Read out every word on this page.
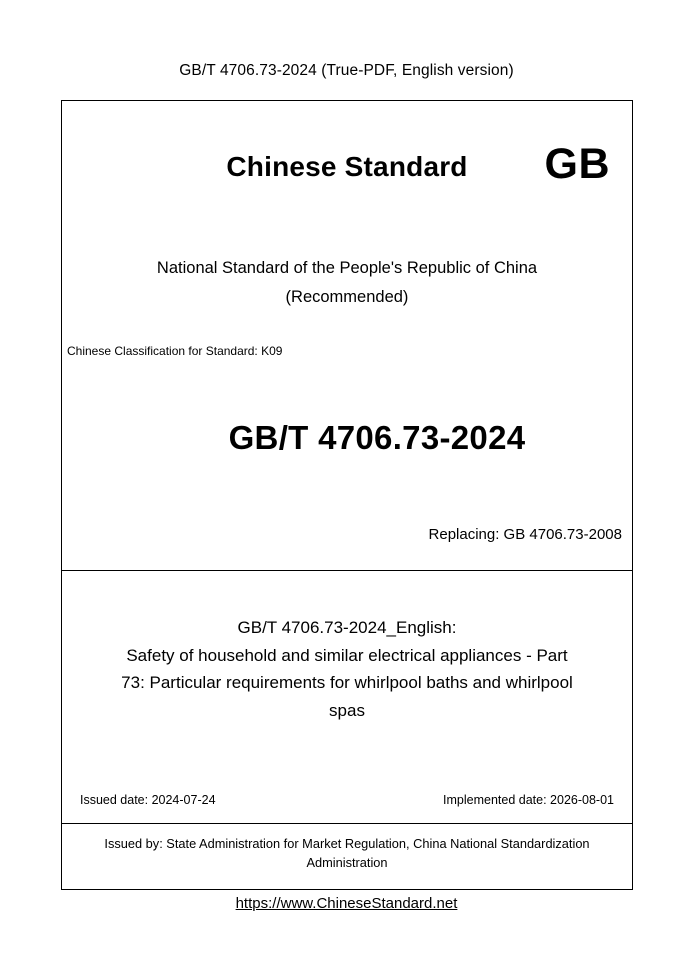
GB/T 4706.73-2024 (True-PDF, English version)
Chinese Standard	GB
National Standard of the People's Republic of China
(Recommended)
Chinese Classification for Standard: K09
GB/T 4706.73-2024
Replacing: GB 4706.73-2008
GB/T 4706.73-2024_English:
Safety of household and similar electrical appliances - Part
73: Particular requirements for whirlpool baths and whirlpool
spas
Issued date: 2024-07-24	Implemented date: 2026-08-01
Issued by: State Administration for Market Regulation, China National Standardization Administration
https://www.ChineseStandard.net
